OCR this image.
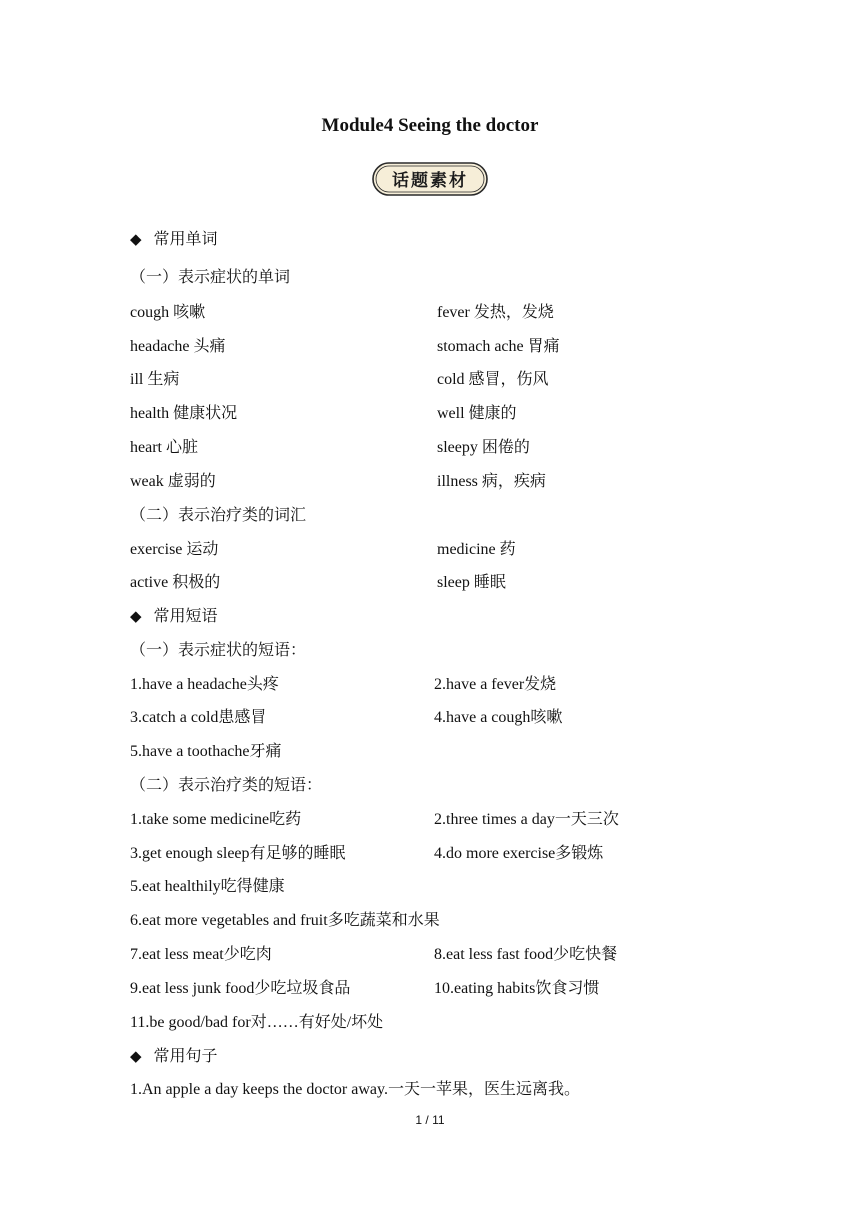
Module4 Seeing the doctor
话题素材
◆ 常用单词
（一）表示症状的单词
cough 咳嗽	fever 发热，发烧
headache 头痛	stomach ache 胃痛
ill 生病	cold 感冒，伤风
health 健康状况	well 健康的
heart 心脏	sleepy 困倦的
weak 虚弱的	illness 病，疾病
（二）表示治疗类的词汇
exercise 运动	medicine 药
active 积极的	sleep 睡眠
◆ 常用短语
（一）表示症状的短语：
1.have a headache头疼	2.have a fever发烧
3.catch a cold患感冒	4.have a cough咳嗽
5.have a toothache牙痛
（二）表示治疗类的短语：
1.take some medicine吃药	2.three times a day一天三次
3.get enough sleep有足够的睡眠	4.do more exercise多锻炼
5.eat healthily吃得健康
6.eat more vegetables and fruit多吃蔬菜和水果
7.eat less meat少吃肉	8.eat less fast food少吃快餐
9.eat less junk food少吃垃圾食品	10.eating habits饮食习惯
11.be good/bad for对……有好处/坏处
◆ 常用句子
1.An apple a day keeps the doctor away.一天一苹果，医生远离我。
1 / 11
